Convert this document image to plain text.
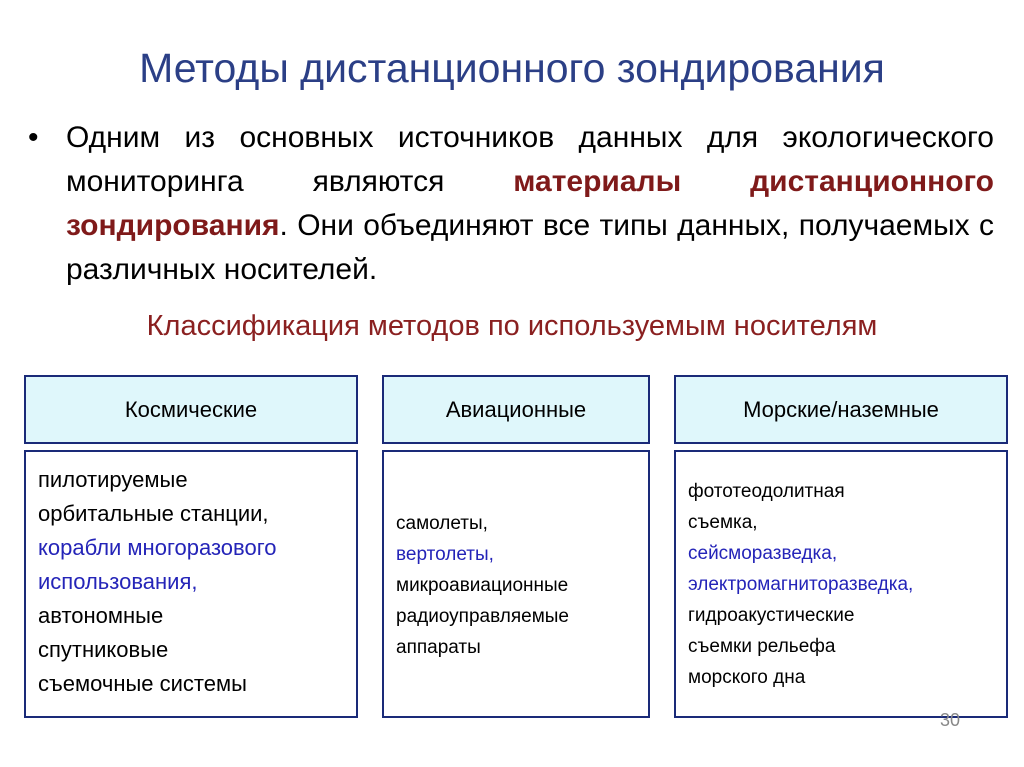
Методы дистанционного зондирования
• Одним из основных источников данных для экологического мониторинга являются материалы дистанционного зондирования. Они объединяют все типы данных, получаемых с различных носителей.
Классификация методов по используемым носителям
Космические
пилотируемые
орбитальные станции,
корабли многоразового
использования,
автономные
спутниковые
съемочные системы
Авиационные
самолеты,
вертолеты,
микроавиационные
радиоуправляемые
аппараты
Морские/наземные
фототеодолитная
съемка,
сейсморазведка,
электромагниторазведка,
гидроакустические
съемки рельефа
морского дна
30
